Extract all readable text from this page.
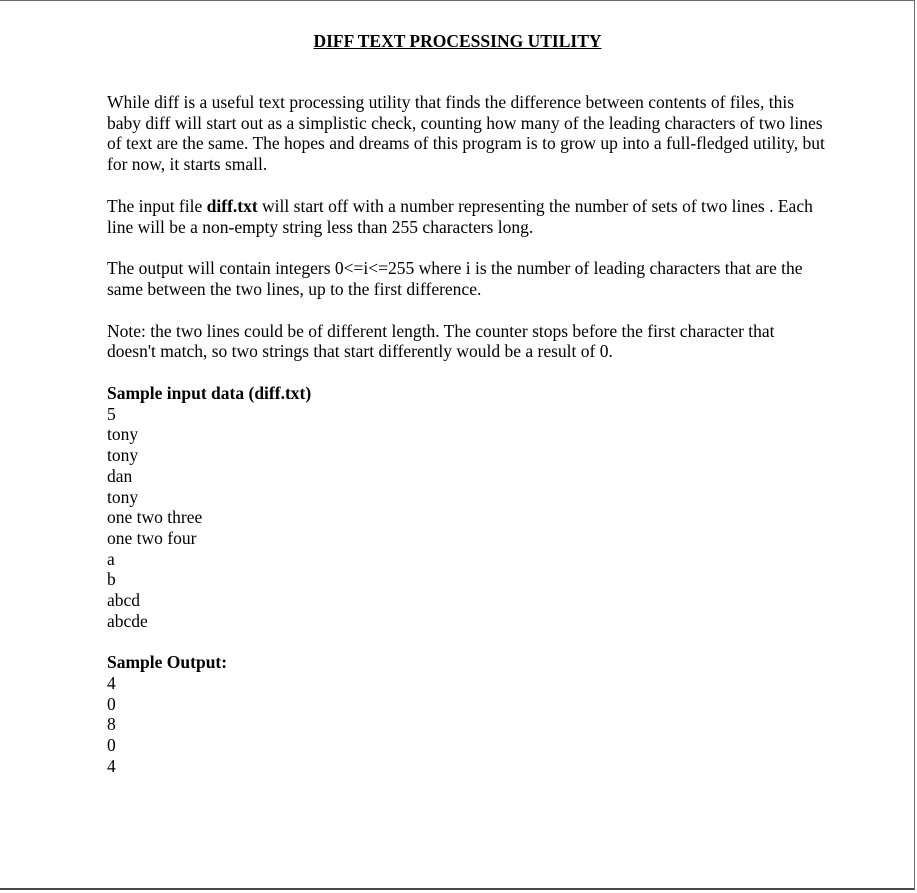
DIFF TEXT PROCESSING UTILITY

While diff is a useful text processing utility that finds the difference between contents of files, this baby diff will start out as a simplistic check, counting how many of the leading characters of two lines of text are the same. The hopes and dreams of this program is to grow up into a full-fledged utility, but for now, it starts small.

The input file diff.txt will start off with a number representing the number of sets of two lines . Each line will be a non-empty string less than 255 characters long.

The output will contain integers 0<=i<=255 where i is the number of leading characters that are the same between the two lines, up to the first difference.

Note: the two lines could be of different length. The counter stops before the first character that doesn't match, so two strings that start differently would be a result of 0.

Sample input data (diff.txt)

5

tony

tony

dan

tony

one two three

one two four

a

b

abcd

abcde

Sample Output:

4

0

8

0

4
